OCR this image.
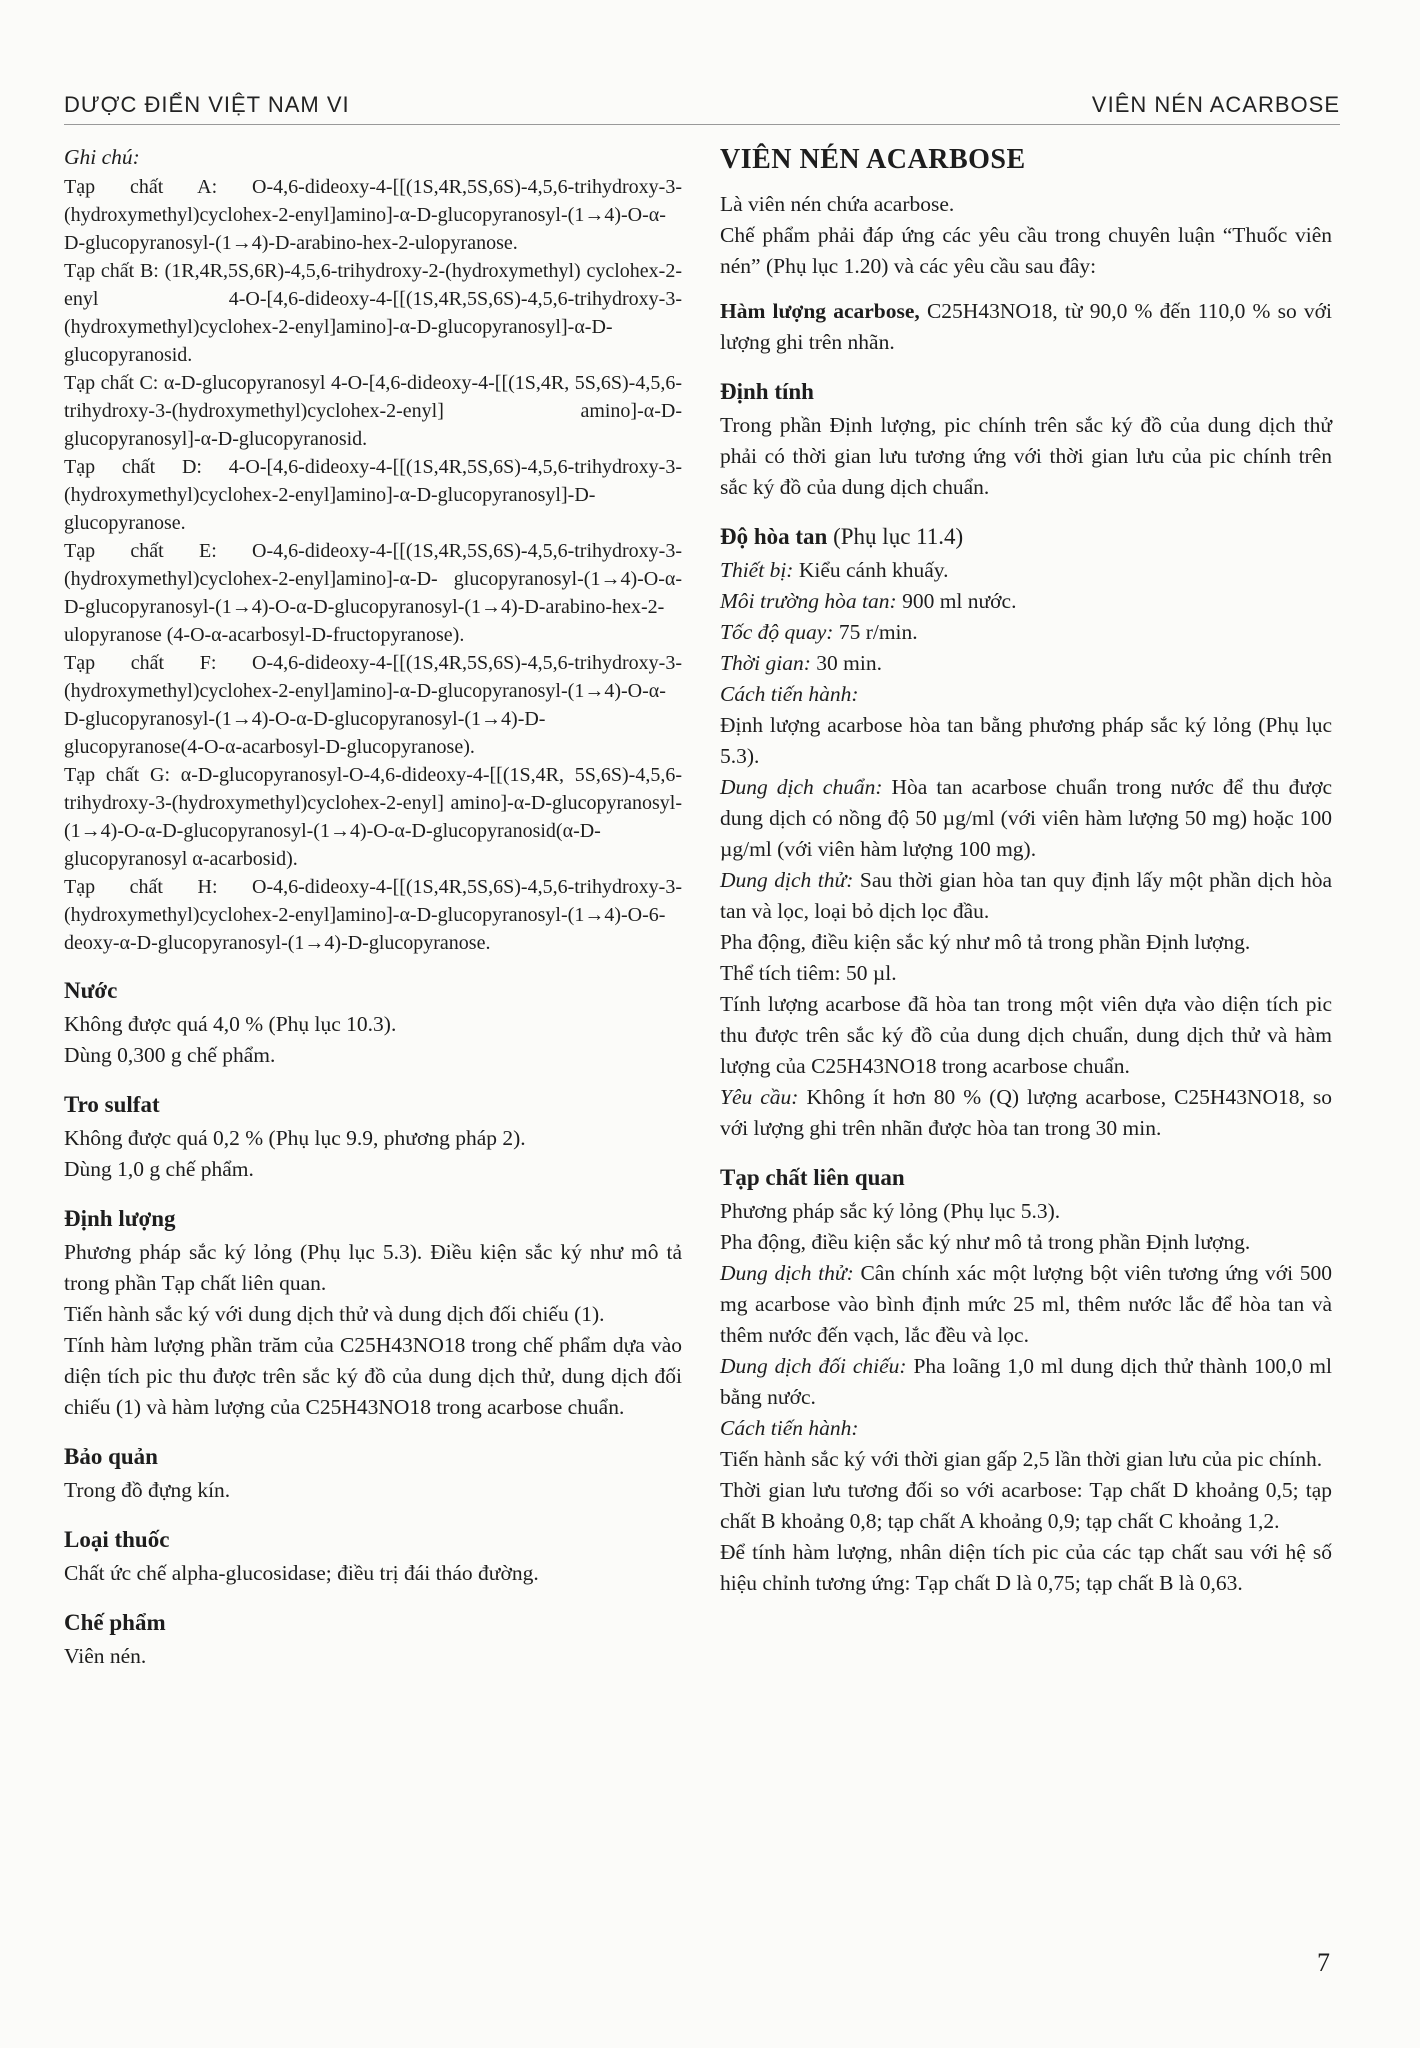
DƯỢC ĐIỂN VIỆT NAM VI	VIÊN NÉN ACARBOSE

Ghi chú:

Tạp chất A: O-4,6-dideoxy-4-[[(1S,4R,5S,6S)-4,5,6-trihydroxy-3-(hydroxymethyl)cyclohex-2-enyl]amino]-α-D-glucopyranosyl-(1→4)-O-α-D-glucopyranosyl-(1→4)-D-arabino-hex-2-ulopyranose.

Tạp chất B: (1R,4R,5S,6R)-4,5,6-trihydroxy-2-(hydroxymethyl) cyclohex-2-enyl 4-O-[4,6-dideoxy-4-[[(1S,4R,5S,6S)-4,5,6-trihydroxy-3-(hydroxymethyl)cyclohex-2-enyl]amino]-α-D-glucopyranosyl]-α-D-glucopyranosid.

Tạp chất C: α-D-glucopyranosyl 4-O-[4,6-dideoxy-4-[[(1S,4R, 5S,6S)-4,5,6-trihydroxy-3-(hydroxymethyl)cyclohex-2-enyl] amino]-α-D-glucopyranosyl]-α-D-glucopyranosid.

Tạp chất D: 4-O-[4,6-dideoxy-4-[[(1S,4R,5S,6S)-4,5,6-trihydroxy-3-(hydroxymethyl)cyclohex-2-enyl]amino]-α-D-glucopyranosyl]-D-glucopyranose.

Tạp chất E: O-4,6-dideoxy-4-[[(1S,4R,5S,6S)-4,5,6-trihydroxy-3-(hydroxymethyl)cyclohex-2-enyl]amino]-α-D- glucopyranosyl-(1→4)-O-α-D-glucopyranosyl-(1→4)-O-α-D-glucopyranosyl-(1→4)-D-arabino-hex-2-ulopyranose (4-O-α-acarbosyl-D-fructopyranose).

Tạp chất F: O-4,6-dideoxy-4-[[(1S,4R,5S,6S)-4,5,6-trihydroxy-3-(hydroxymethyl)cyclohex-2-enyl]amino]-α-D-glucopyranosyl-(1→4)-O-α-D-glucopyranosyl-(1→4)-O-α-D-glucopyranosyl-(1→4)-D-glucopyranose(4-O-α-acarbosyl-D-glucopyranose).

Tạp chất G: α-D-glucopyranosyl-O-4,6-dideoxy-4-[[(1S,4R, 5S,6S)-4,5,6-trihydroxy-3-(hydroxymethyl)cyclohex-2-enyl] amino]-α-D-glucopyranosyl-(1→4)-O-α-D-glucopyranosyl-(1→4)-O-α-D-glucopyranosid(α-D-glucopyranosyl α-acarbosid).

Tạp chất H: O-4,6-dideoxy-4-[[(1S,4R,5S,6S)-4,5,6-trihydroxy-3-(hydroxymethyl)cyclohex-2-enyl]amino]-α-D-glucopyranosyl-(1→4)-O-6-deoxy-α-D-glucopyranosyl-(1→4)-D-glucopyranose.

Nước

Không được quá 4,0 % (Phụ lục 10.3).

Dùng 0,300 g chế phẩm.

Tro sulfat

Không được quá 0,2 % (Phụ lục 9.9, phương pháp 2).

Dùng 1,0 g chế phẩm.

Định lượng

Phương pháp sắc ký lỏng (Phụ lục 5.3). Điều kiện sắc ký như mô tả trong phần Tạp chất liên quan.

Tiến hành sắc ký với dung dịch thử và dung dịch đối chiếu (1).

Tính hàm lượng phần trăm của C25H43NO18 trong chế phẩm dựa vào diện tích pic thu được trên sắc ký đồ của dung dịch thử, dung dịch đối chiếu (1) và hàm lượng của C25H43NO18 trong acarbose chuẩn.

Bảo quản

Trong đồ đựng kín.

Loại thuốc

Chất ức chế alpha-glucosidase; điều trị đái tháo đường.

Chế phẩm

Viên nén.

VIÊN NÉN ACARBOSE

Là viên nén chứa acarbose.

Chế phẩm phải đáp ứng các yêu cầu trong chuyên luận “Thuốc viên nén” (Phụ lục 1.20) và các yêu cầu sau đây:

Hàm lượng acarbose, C25H43NO18, từ 90,0 % đến 110,0 % so với lượng ghi trên nhãn.

Định tính

Trong phần Định lượng, pic chính trên sắc ký đồ của dung dịch thử phải có thời gian lưu tương ứng với thời gian lưu của pic chính trên sắc ký đồ của dung dịch chuẩn.

Độ hòa tan (Phụ lục 11.4)

Thiết bị: Kiểu cánh khuấy.

Môi trường hòa tan: 900 ml nước.

Tốc độ quay: 75 r/min.

Thời gian: 30 min.

Cách tiến hành:

Định lượng acarbose hòa tan bằng phương pháp sắc ký lỏng (Phụ lục 5.3).

Dung dịch chuẩn: Hòa tan acarbose chuẩn trong nước để thu được dung dịch có nồng độ 50 µg/ml (với viên hàm lượng 50 mg) hoặc 100 µg/ml (với viên hàm lượng 100 mg).

Dung dịch thử: Sau thời gian hòa tan quy định lấy một phần dịch hòa tan và lọc, loại bỏ dịch lọc đầu.

Pha động, điều kiện sắc ký như mô tả trong phần Định lượng.

Thể tích tiêm: 50 µl.

Tính lượng acarbose đã hòa tan trong một viên dựa vào diện tích pic thu được trên sắc ký đồ của dung dịch chuẩn, dung dịch thử và hàm lượng của C25H43NO18 trong acarbose chuẩn.

Yêu cầu: Không ít hơn 80 % (Q) lượng acarbose, C25H43NO18, so với lượng ghi trên nhãn được hòa tan trong 30 min.

Tạp chất liên quan

Phương pháp sắc ký lỏng (Phụ lục 5.3).

Pha động, điều kiện sắc ký như mô tả trong phần Định lượng.

Dung dịch thử: Cân chính xác một lượng bột viên tương ứng với 500 mg acarbose vào bình định mức 25 ml, thêm nước lắc để hòa tan và thêm nước đến vạch, lắc đều và lọc.

Dung dịch đối chiếu: Pha loãng 1,0 ml dung dịch thử thành 100,0 ml bằng nước.

Cách tiến hành:

Tiến hành sắc ký với thời gian gấp 2,5 lần thời gian lưu của pic chính.

Thời gian lưu tương đối so với acarbose: Tạp chất D khoảng 0,5; tạp chất B khoảng 0,8; tạp chất A khoảng 0,9; tạp chất C khoảng 1,2.

Để tính hàm lượng, nhân diện tích pic của các tạp chất sau với hệ số hiệu chỉnh tương ứng: Tạp chất D là 0,75; tạp chất B là 0,63.

7
